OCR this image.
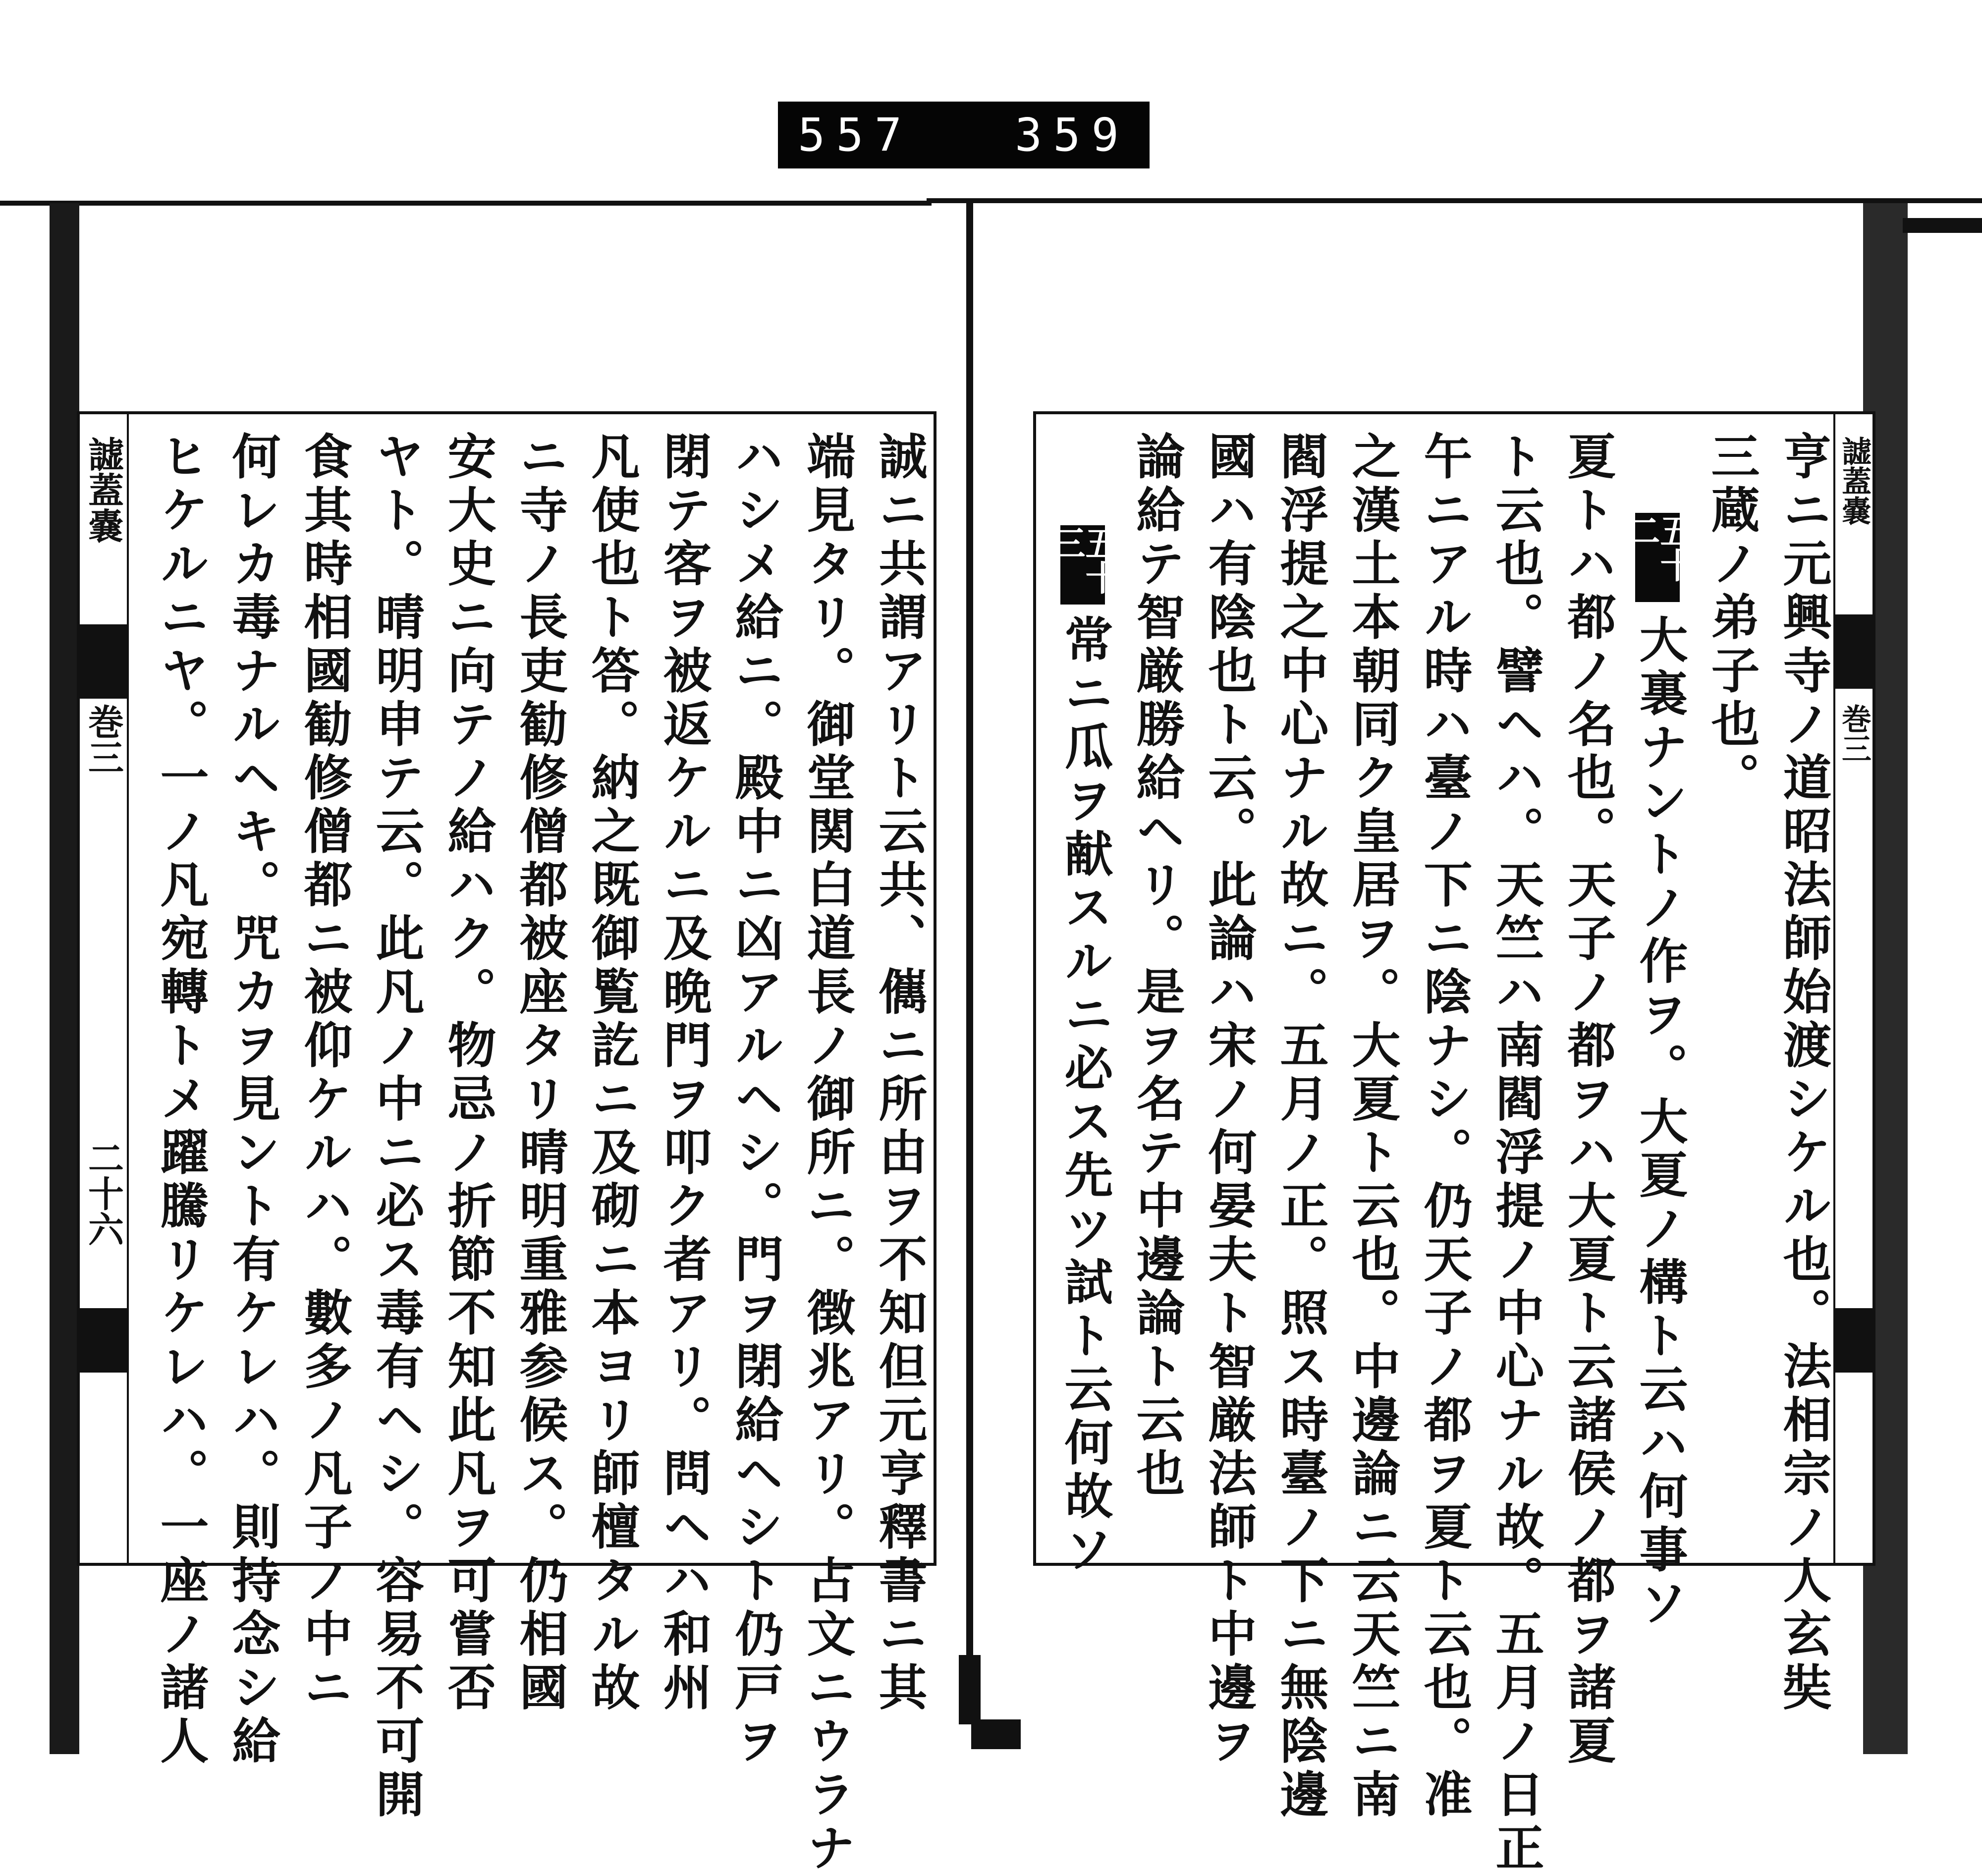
557 359
譃蓋嚢
巻三
二十六	誠ニ共謂アリト云共、㒞ニ所由ヲ不知但元亨釋書ニ其
端見タリ。御堂関白道長ノ御所ニ。徴兆アリ。占文ニウラナ
ハシメ給ニ。殿中ニ凶アルヘシ。門ヲ閉給ヘシト仍戸ヲ
閉テ客ヲ被返ケルニ及晩門ヲ叩ク者アリ。問ヘハ和州
凡使也ト答。納之既御覧訖ニ及砌ニ本ヨリ師檀タル故
ニ寺ノ長吏勧修僧都被座タリ晴明重雅参候ス。仍相國
安大史ニ向テノ給ハク。物忌ノ折節不知此凡ヲ可嘗否
ヤト。晴明申テ云。此凡ノ中ニ必ス毒有ヘシ。容易不可開
食其時相國勧修僧都ニ被仰ケルハ。數多ノ凡子ノ中ニ
何レカ毒ナルヘキ。咒カヲ見ント有ケレハ。則持念シ給
ヒケルニヤ。一ノ凡宛轉トメ躍騰リケレハ。一座ノ諸人	譃蓋嚢
巻三
亨ニ元興寺ノ道昭法師始渡シケル也。法相宗ノ人玄奘
三蔵ノ弟子也。
五十二
大裏ナントノ作ヲ。大夏ノ構ト云ハ何事ソ
夏トハ都ノ名也。天子ノ都ヲハ大夏ト云諸侯ノ都ヲ諸夏
ト云也。譬ヘハ。天竺ハ南閻浮提ノ中心ナル故。五月ノ日正
午ニアル時ハ臺ノ下ニ陰ナシ。仍天子ノ都ヲ夏ト云也。准
之漢土本朝同ク皇居ヲ。大夏ト云也。中邊論ニ云天竺ニ南
閻浮提之中心ナル故ニ。五月ノ正。照ス時臺ノ下ニ無陰邊
國ハ有陰也ト云。此論ハ宋ノ何晏夫ト智厳法師ト中邊ヲ
論給テ智厳勝給ヘリ。是ヲ名テ中邊論ト云也
五十三
常ニ瓜ヲ献スルニ必ス先ツ試ト云何故ソ
